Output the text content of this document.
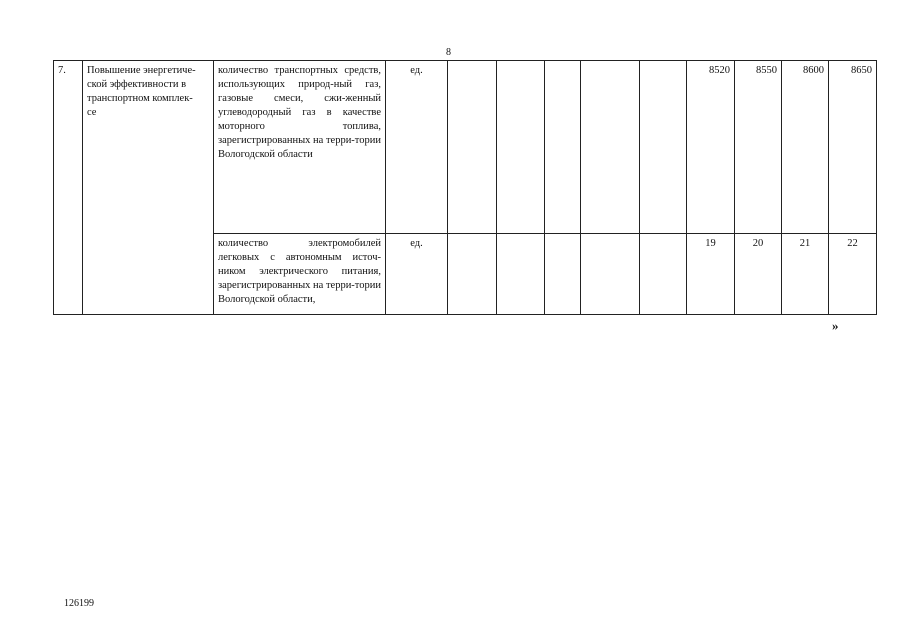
8
7.	Повышение энергетиче-
ской эффективности в
транспортном комплек-
се	количество транспортных средств, использующих природ-ный газ, газовые смеси, сжи-женный углеводородный газ в качестве моторного топлива, зарегистрированных на терри-тории Вологодской области	ед.						8520	8550	8600	8650
		количество электромобилей легковых с автономным источ-ником электрического питания, зарегистрированных на терри-тории Вологодской области,	ед.						19	20	21	22
»
126199
